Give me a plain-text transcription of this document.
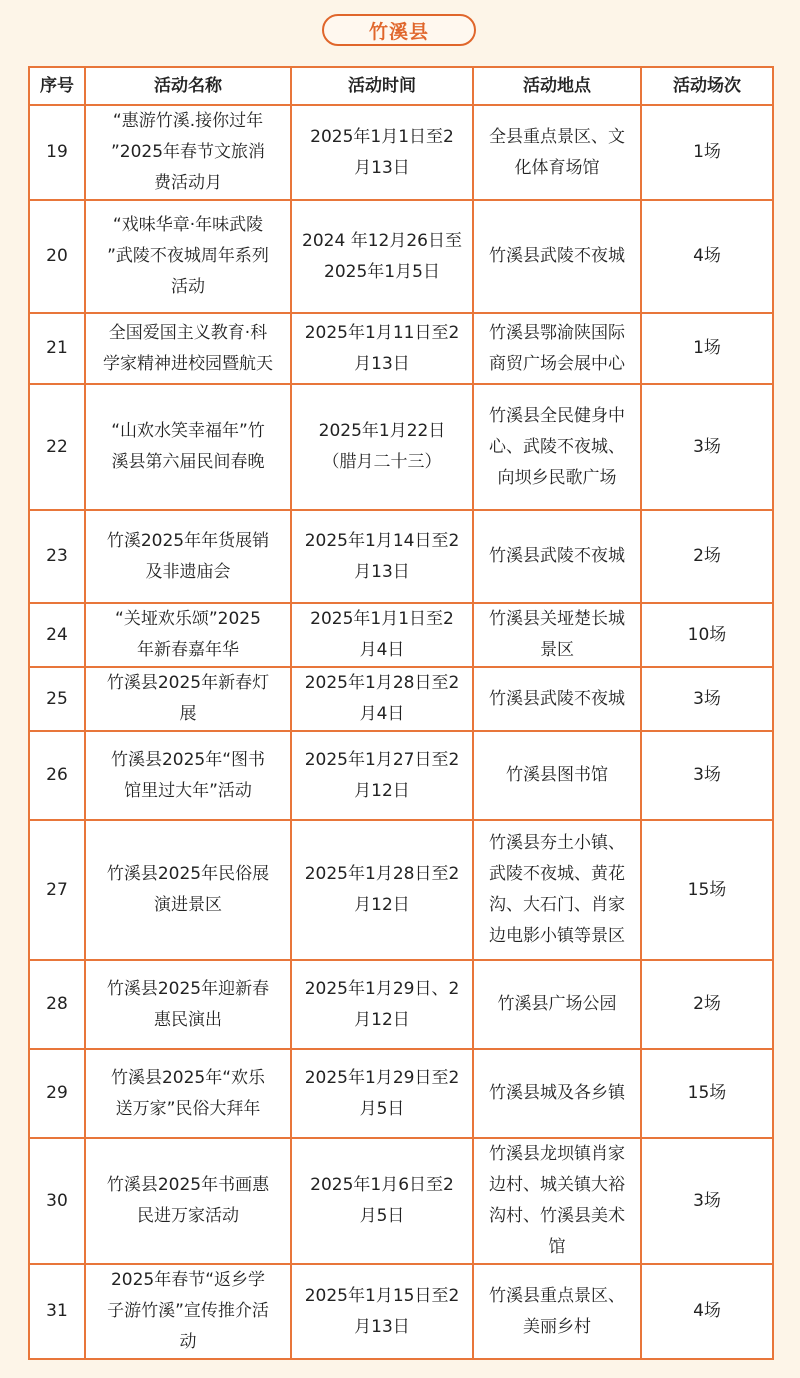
竹溪县
序号	活动名称	活动时间	活动地点	活动场次
19	“惠游竹溪.接你过年
”2025年春节文旅消
费活动月	2025年1月1日至2
月13日	全县重点景区、文
化体育场馆	1场
20	“戏味华章·年味武陵
”武陵不夜城周年系列
活动	2024 年12月26日至
2025年1月5日	竹溪县武陵不夜城	4场
21	全国爱国主义教育·科
学家精神进校园暨航天	2025年1月11日至2
月13日	竹溪县鄂渝陕国际
商贸广场会展中心	1场
22	“山欢水笑幸福年”竹
溪县第六届民间春晚	2025年1月22日
（腊月二十三）	竹溪县全民健身中
心、武陵不夜城、
向坝乡民歌广场	3场
23	竹溪2025年年货展销
及非遗庙会	2025年1月14日至2
月13日	竹溪县武陵不夜城	2场
24	“关垭欢乐颂”2025
年新春嘉年华	2025年1月1日至2
月4日	竹溪县关垭楚长城
景区	10场
25	竹溪县2025年新春灯
展	2025年1月28日至2
月4日	竹溪县武陵不夜城	3场
26	竹溪县2025年“图书
馆里过大年”活动	2025年1月27日至2
月12日	竹溪县图书馆	3场
27	竹溪县2025年民俗展
演进景区	2025年1月28日至2
月12日	竹溪县夯土小镇、
武陵不夜城、黄花
沟、大石门、肖家
边电影小镇等景区	15场
28	竹溪县2025年迎新春
惠民演出	2025年1月29日、2
月12日	竹溪县广场公园	2场
29	竹溪县2025年“欢乐
送万家”民俗大拜年	2025年1月29日至2
月5日	竹溪县城及各乡镇	15场
30	竹溪县2025年书画惠
民进万家活动	2025年1月6日至2
月5日	竹溪县龙坝镇肖家
边村、城关镇大裕
沟村、竹溪县美术
馆	3场
31	2025年春节“返乡学
子游竹溪”宣传推介活
动	2025年1月15日至2
月13日	竹溪县重点景区、
美丽乡村	4场
